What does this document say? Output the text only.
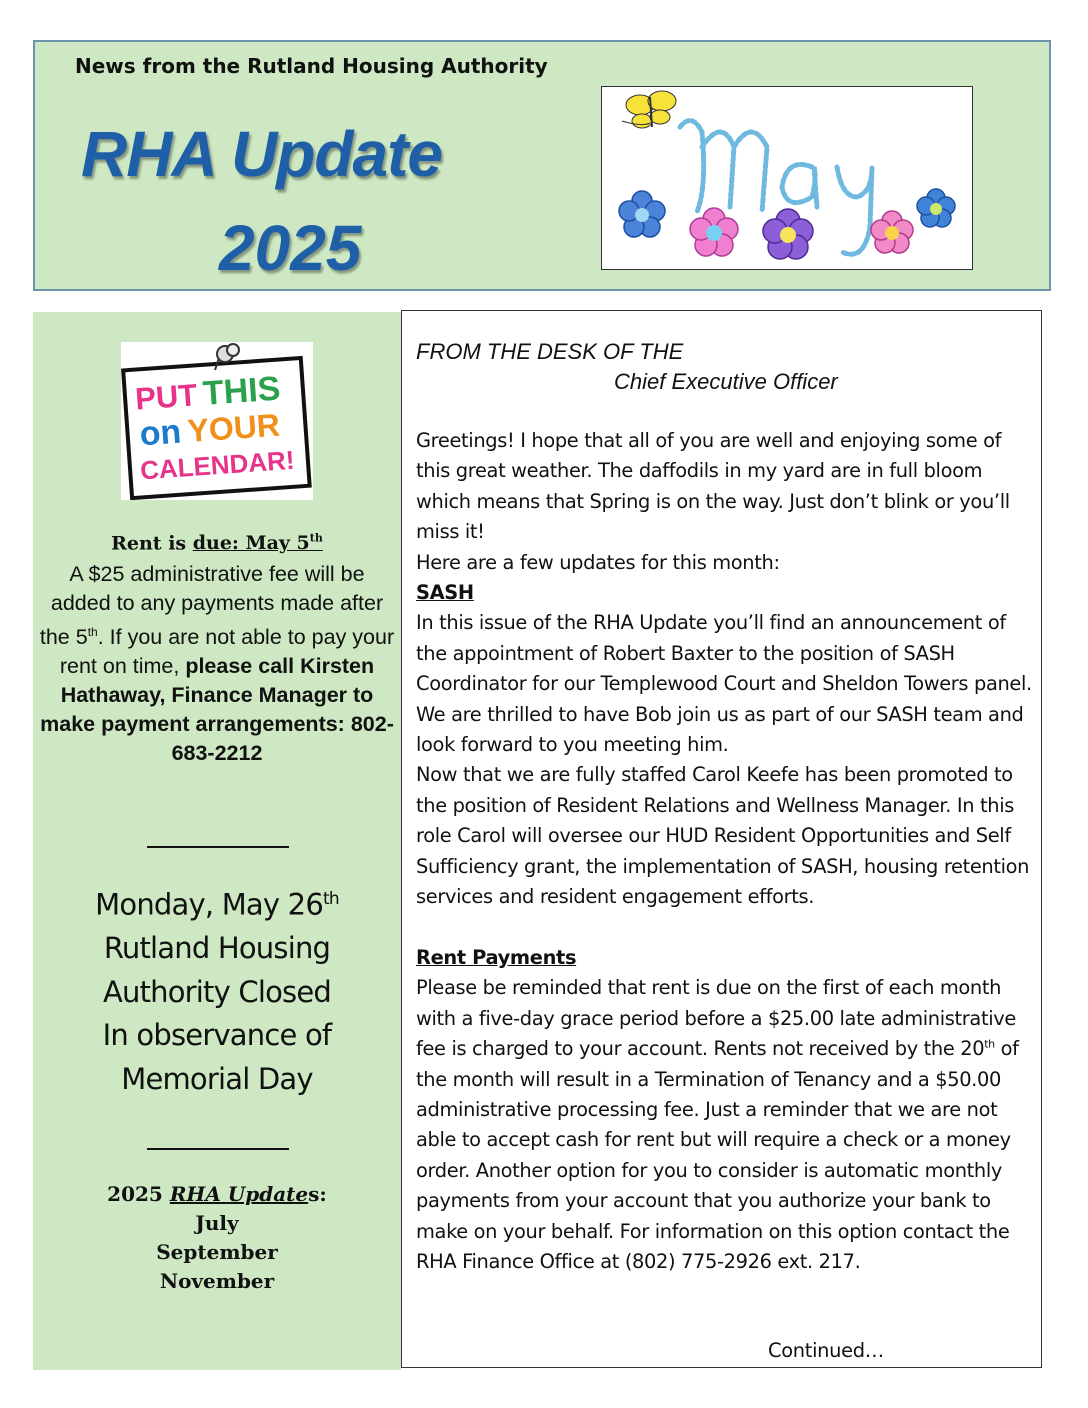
News from the Rutland Housing Authority
RHA Update
2025
PUT THIS
on YOUR
CALENDAR!
Rent is due: May 5th
A $25 administrative fee will be added to any payments made after the 5th. If you are not able to pay your rent on time, please call Kirsten Hathaway, Finance Manager to make payment arrangements: 802-683-2212
Monday, May 26th
Rutland Housing
Authority Closed
In observance of
Memorial Day
2025 RHA Updates:
July
September
November
FROM THE DESK OF THE
Chief Executive Officer

Greetings! I hope that all of you are well and enjoying some of this great weather. The daffodils in my yard are in full bloom which means that Spring is on the way. Just don’t blink or you’ll miss it!

Here are a few updates for this month:

SASH

In this issue of the RHA Update you’ll find an announcement of the appointment of Robert Baxter to the position of SASH Coordinator for our Templewood Court and Sheldon Towers panel. We are thrilled to have Bob join us as part of our SASH team and look forward to you meeting him.

Now that we are fully staffed Carol Keefe has been promoted to the position of Resident Relations and Wellness Manager. In this role Carol will oversee our HUD Resident Opportunities and Self Sufficiency grant, the implementation of SASH, housing retention services and resident engagement efforts.

Rent Payments

Please be reminded that rent is due on the first of each month with a five-day grace period before a $25.00 late administrative fee is charged to your account. Rents not received by the 20th of the month will result in a Termination of Tenancy and a $50.00 administrative processing fee. Just a reminder that we are not able to accept cash for rent but will require a check or a money order. Another option for you to consider is automatic monthly payments from your account that you authorize your bank to make on your behalf. For information on this option contact the RHA Finance Office at (802) 775-2926 ext. 217.

Continued…
